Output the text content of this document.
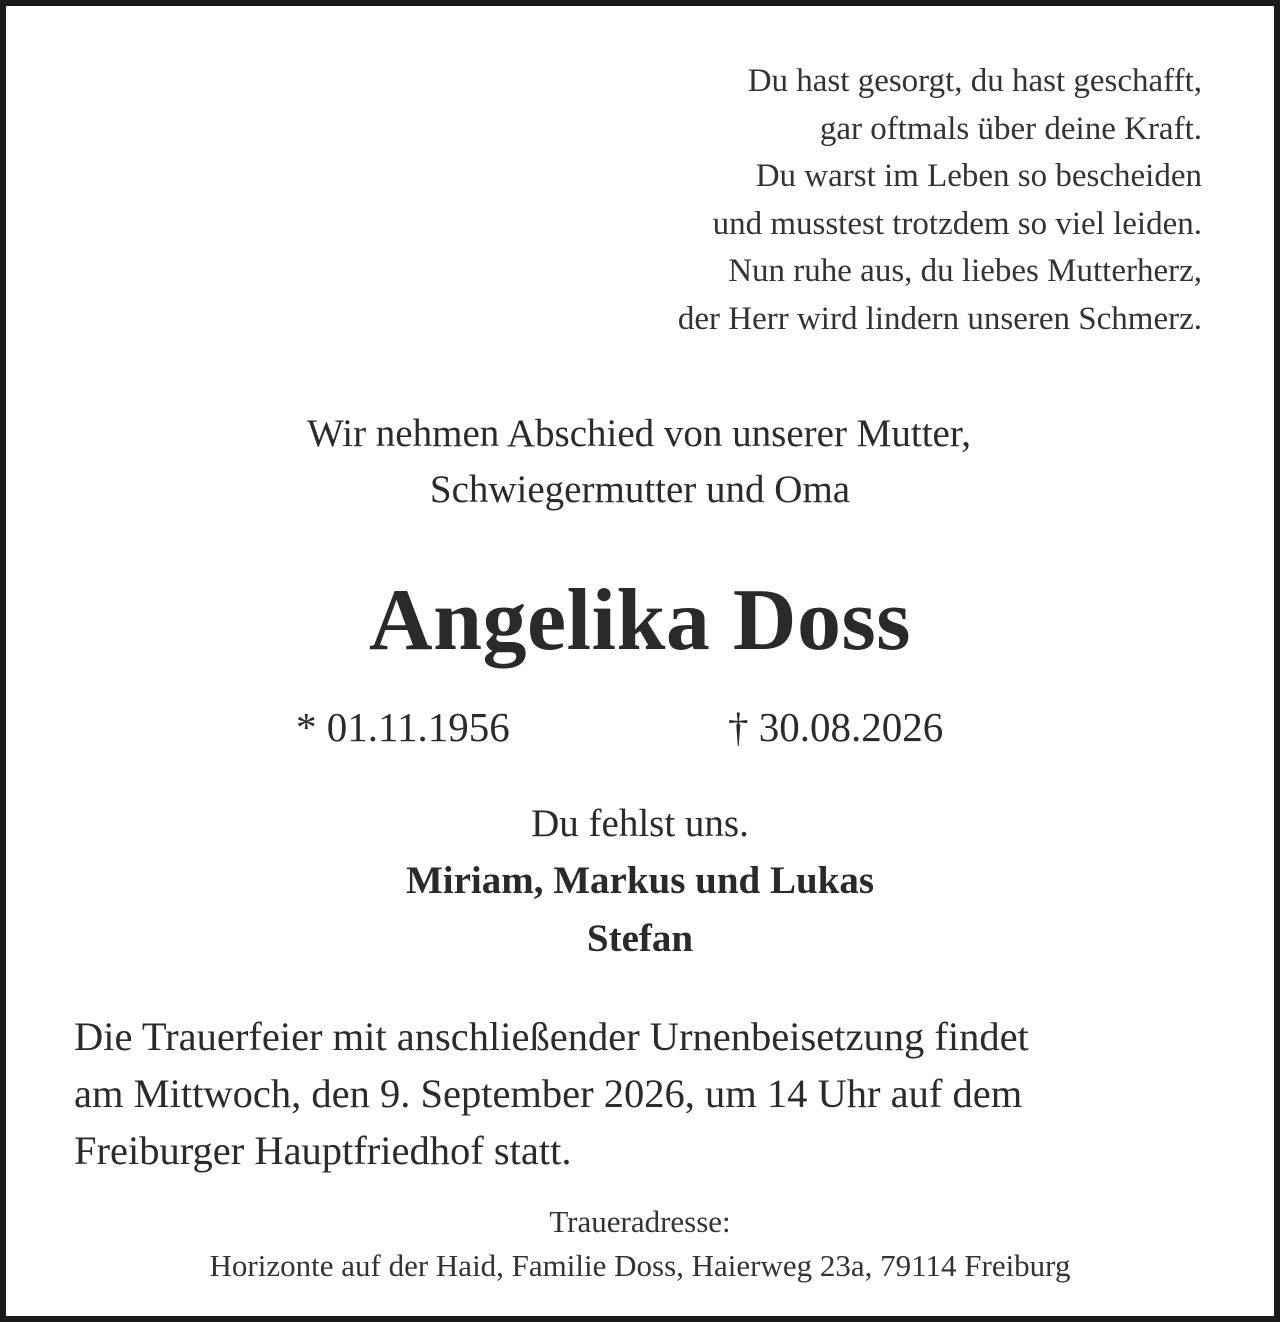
Du hast gesorgt, du hast geschafft,
gar oftmals über deine Kraft.
Du warst im Leben so bescheiden
und musstest trotzdem so viel leiden.
Nun ruhe aus, du liebes Mutterherz,
der Herr wird lindern unseren Schmerz.
Wir nehmen Abschied von unserer Mutter,
Schwiegermutter und Oma
Angelika Doss
* 01.11.1956	† 30.08.2026
Du fehlst uns.
Miriam, Markus und Lukas
Stefan
Die Trauerfeier mit anschließender Urnenbeisetzung findet
am Mittwoch, den 9. September 2026, um 14 Uhr auf dem
Freiburger Hauptfriedhof statt.
Traueradresse:
Horizonte auf der Haid, Familie Doss, Haierweg 23a, 79114 Freiburg
